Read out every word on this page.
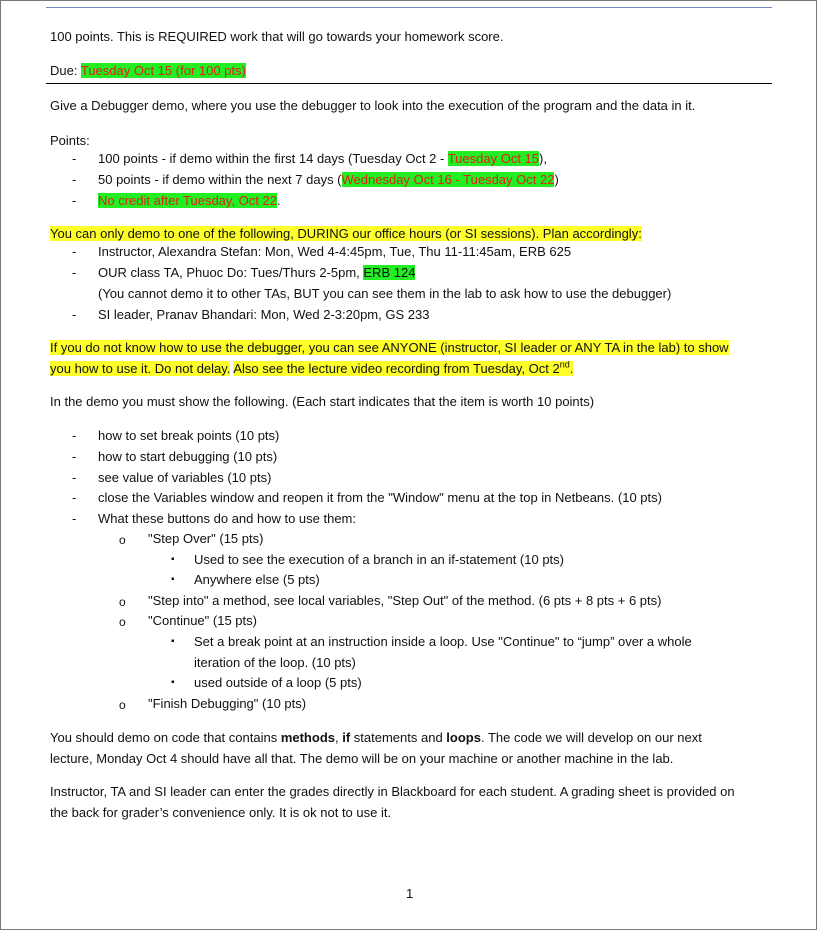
100 points. This is REQUIRED work that will go towards your homework score.
Due: Tuesday Oct 15 (for 100 pts)
Give a Debugger demo, where you use the debugger to look into the execution of the program and the data in it.
Points:
-	100 points - if demo within the first 14 days (Tuesday Oct 2 - Tuesday Oct 15),
-	50 points - if demo within the next 7 days (Wednesday Oct 16 - Tuesday Oct 22)
-	No credit after Tuesday, Oct 22.
You can only demo to one of the following, DURING our office hours (or SI sessions). Plan accordingly:
-	Instructor, Alexandra Stefan: Mon, Wed 4-4:45pm, Tue, Thu 11-11:45am, ERB 625
-	OUR class TA, Phuoc Do: Tues/Thurs 2-5pm, ERB 124
(You cannot demo it to other TAs, BUT you can see them in the lab to ask how to use the debugger)
-	SI leader, Pranav Bhandari: Mon, Wed 2-3:20pm, GS 233
If you do not know how to use the debugger, you can see ANYONE (instructor, SI leader or ANY TA in the lab) to show
you how to use it. Do not delay. Also see the lecture video recording from Tuesday, Oct 2nd.
In the demo you must show the following. (Each start indicates that the item is worth 10 points)
-	how to set break points (10 pts)
-	how to start debugging (10 pts)
-	see value of variables (10 pts)
-	close the Variables window and reopen it from the "Window" menu at the top in Netbeans. (10 pts)
-	What these buttons do and how to use them:
o "Step Over" (15 pts)
▪ Used to see the execution of a branch in an if-statement (10 pts)
▪ Anywhere else (5 pts)
o "Step into" a method, see local variables, "Step Out" of the method. (6 pts + 8 pts + 6 pts)
o "Continue" (15 pts)
▪ Set a break point at an instruction inside a loop. Use "Continue" to “jump” over a whole
iteration of the loop. (10 pts)
▪ used outside of a loop (5 pts)
o "Finish Debugging" (10 pts)
You should demo on code that contains methods, if statements and loops. The code we will develop on our next
lecture, Monday Oct 4 should have all that. The demo will be on your machine or another machine in the lab.
Instructor, TA and SI leader can enter the grades directly in Blackboard for each student. A grading sheet is provided on
the back for grader’s convenience only. It is ok not to use it.
1
